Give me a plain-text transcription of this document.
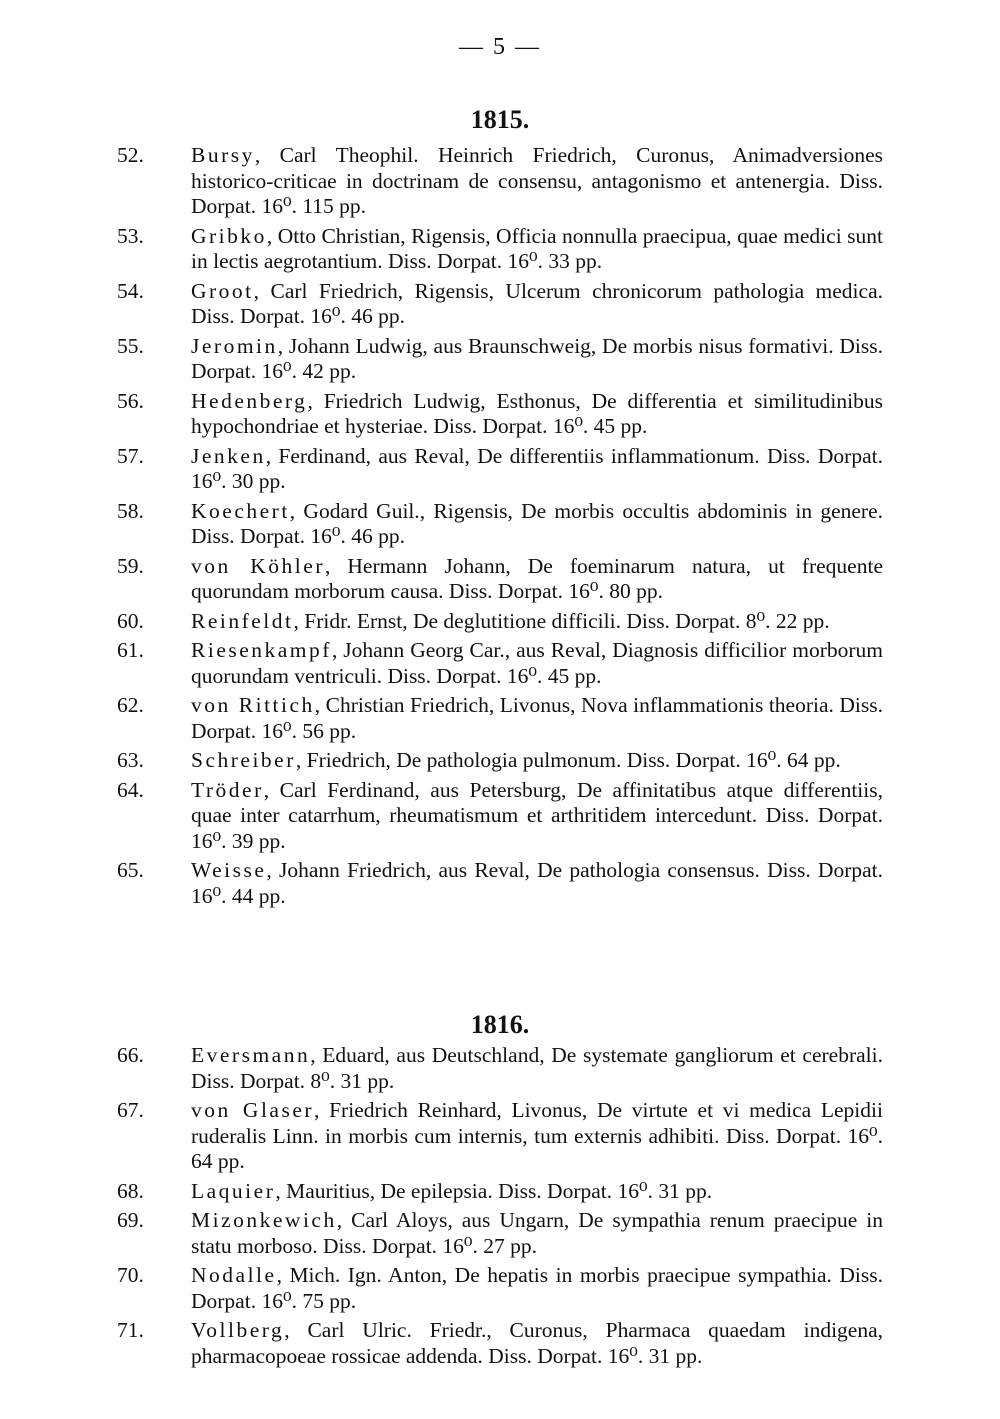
— 5 —
1815.
52. Bursy, Carl Theophil. Heinrich Friedrich, Curonus, Animadversiones historico-criticae in doctrinam de consensu, antagonismo et antenergia. Diss. Dorpat. 16⁰. 115 pp.
53. Gribko, Otto Christian, Rigensis, Officia nonnulla praecipua, quae medici sunt in lectis aegrotantium. Diss. Dorpat. 16⁰. 33 pp.
54. Groot, Carl Friedrich, Rigensis, Ulcerum chronicorum pathologia medica. Diss. Dorpat. 16⁰. 46 pp.
55. Jeromin, Johann Ludwig, aus Braunschweig, De morbis nisus formativi. Diss. Dorpat. 16⁰. 42 pp.
56. Hedenberg, Friedrich Ludwig, Esthonus, De differentia et similitudinibus hypochondriae et hysteriae. Diss. Dorpat. 16⁰. 45 pp.
57. Jenken, Ferdinand, aus Reval, De differentiis inflammationum. Diss. Dorpat. 16⁰. 30 pp.
58. Koechert, Godard Guil., Rigensis, De morbis occultis abdominis in genere. Diss. Dorpat. 16⁰. 46 pp.
59. von Köhler, Hermann Johann, De foeminarum natura, ut frequente quorundam morborum causa. Diss. Dorpat. 16⁰. 80 pp.
60. Reinfeldt, Fridr. Ernst, De deglutitione difficili. Diss. Dorpat. 8⁰. 22 pp.
61. Riesenkampf, Johann Georg Car., aus Reval, Diagnosis difficilior morborum quorundam ventriculi. Diss. Dorpat. 16⁰. 45 pp.
62. von Rittich, Christian Friedrich, Livonus, Nova inflammationis theoria. Diss. Dorpat. 16⁰. 56 pp.
63. Schreiber, Friedrich, De pathologia pulmonum. Diss. Dorpat. 16⁰. 64 pp.
64. Tröder, Carl Ferdinand, aus Petersburg, De affinitatibus atque differentiis, quae inter catarrhum, rheumatismum et arthritidem intercedunt. Diss. Dorpat. 16⁰. 39 pp.
65. Weisse, Johann Friedrich, aus Reval, De pathologia consensus. Diss. Dorpat. 16⁰. 44 pp.
1816.
66. Eversmann, Eduard, aus Deutschland, De systemate gangliorum et cerebrali. Diss. Dorpat. 8⁰. 31 pp.
67. von Glaser, Friedrich Reinhard, Livonus, De virtute et vi medica Lepidii ruderalis Linn. in morbis cum internis, tum externis adhibiti. Diss. Dorpat. 16⁰. 64 pp.
68. Laquier, Mauritius, De epilepsia. Diss. Dorpat. 16⁰. 31 pp.
69. Mizonkewich, Carl Aloys, aus Ungarn, De sympathia renum praecipue in statu morboso. Diss. Dorpat. 16⁰. 27 pp.
70. Nodalle, Mich. Ign. Anton, De hepatis in morbis praecipue sympathia. Diss. Dorpat. 16⁰. 75 pp.
71. Vollberg, Carl Ulric. Friedr., Curonus, Pharmaca quaedam indigena, pharmacopoeae rossicae addenda. Diss. Dorpat. 16⁰. 31 pp.
